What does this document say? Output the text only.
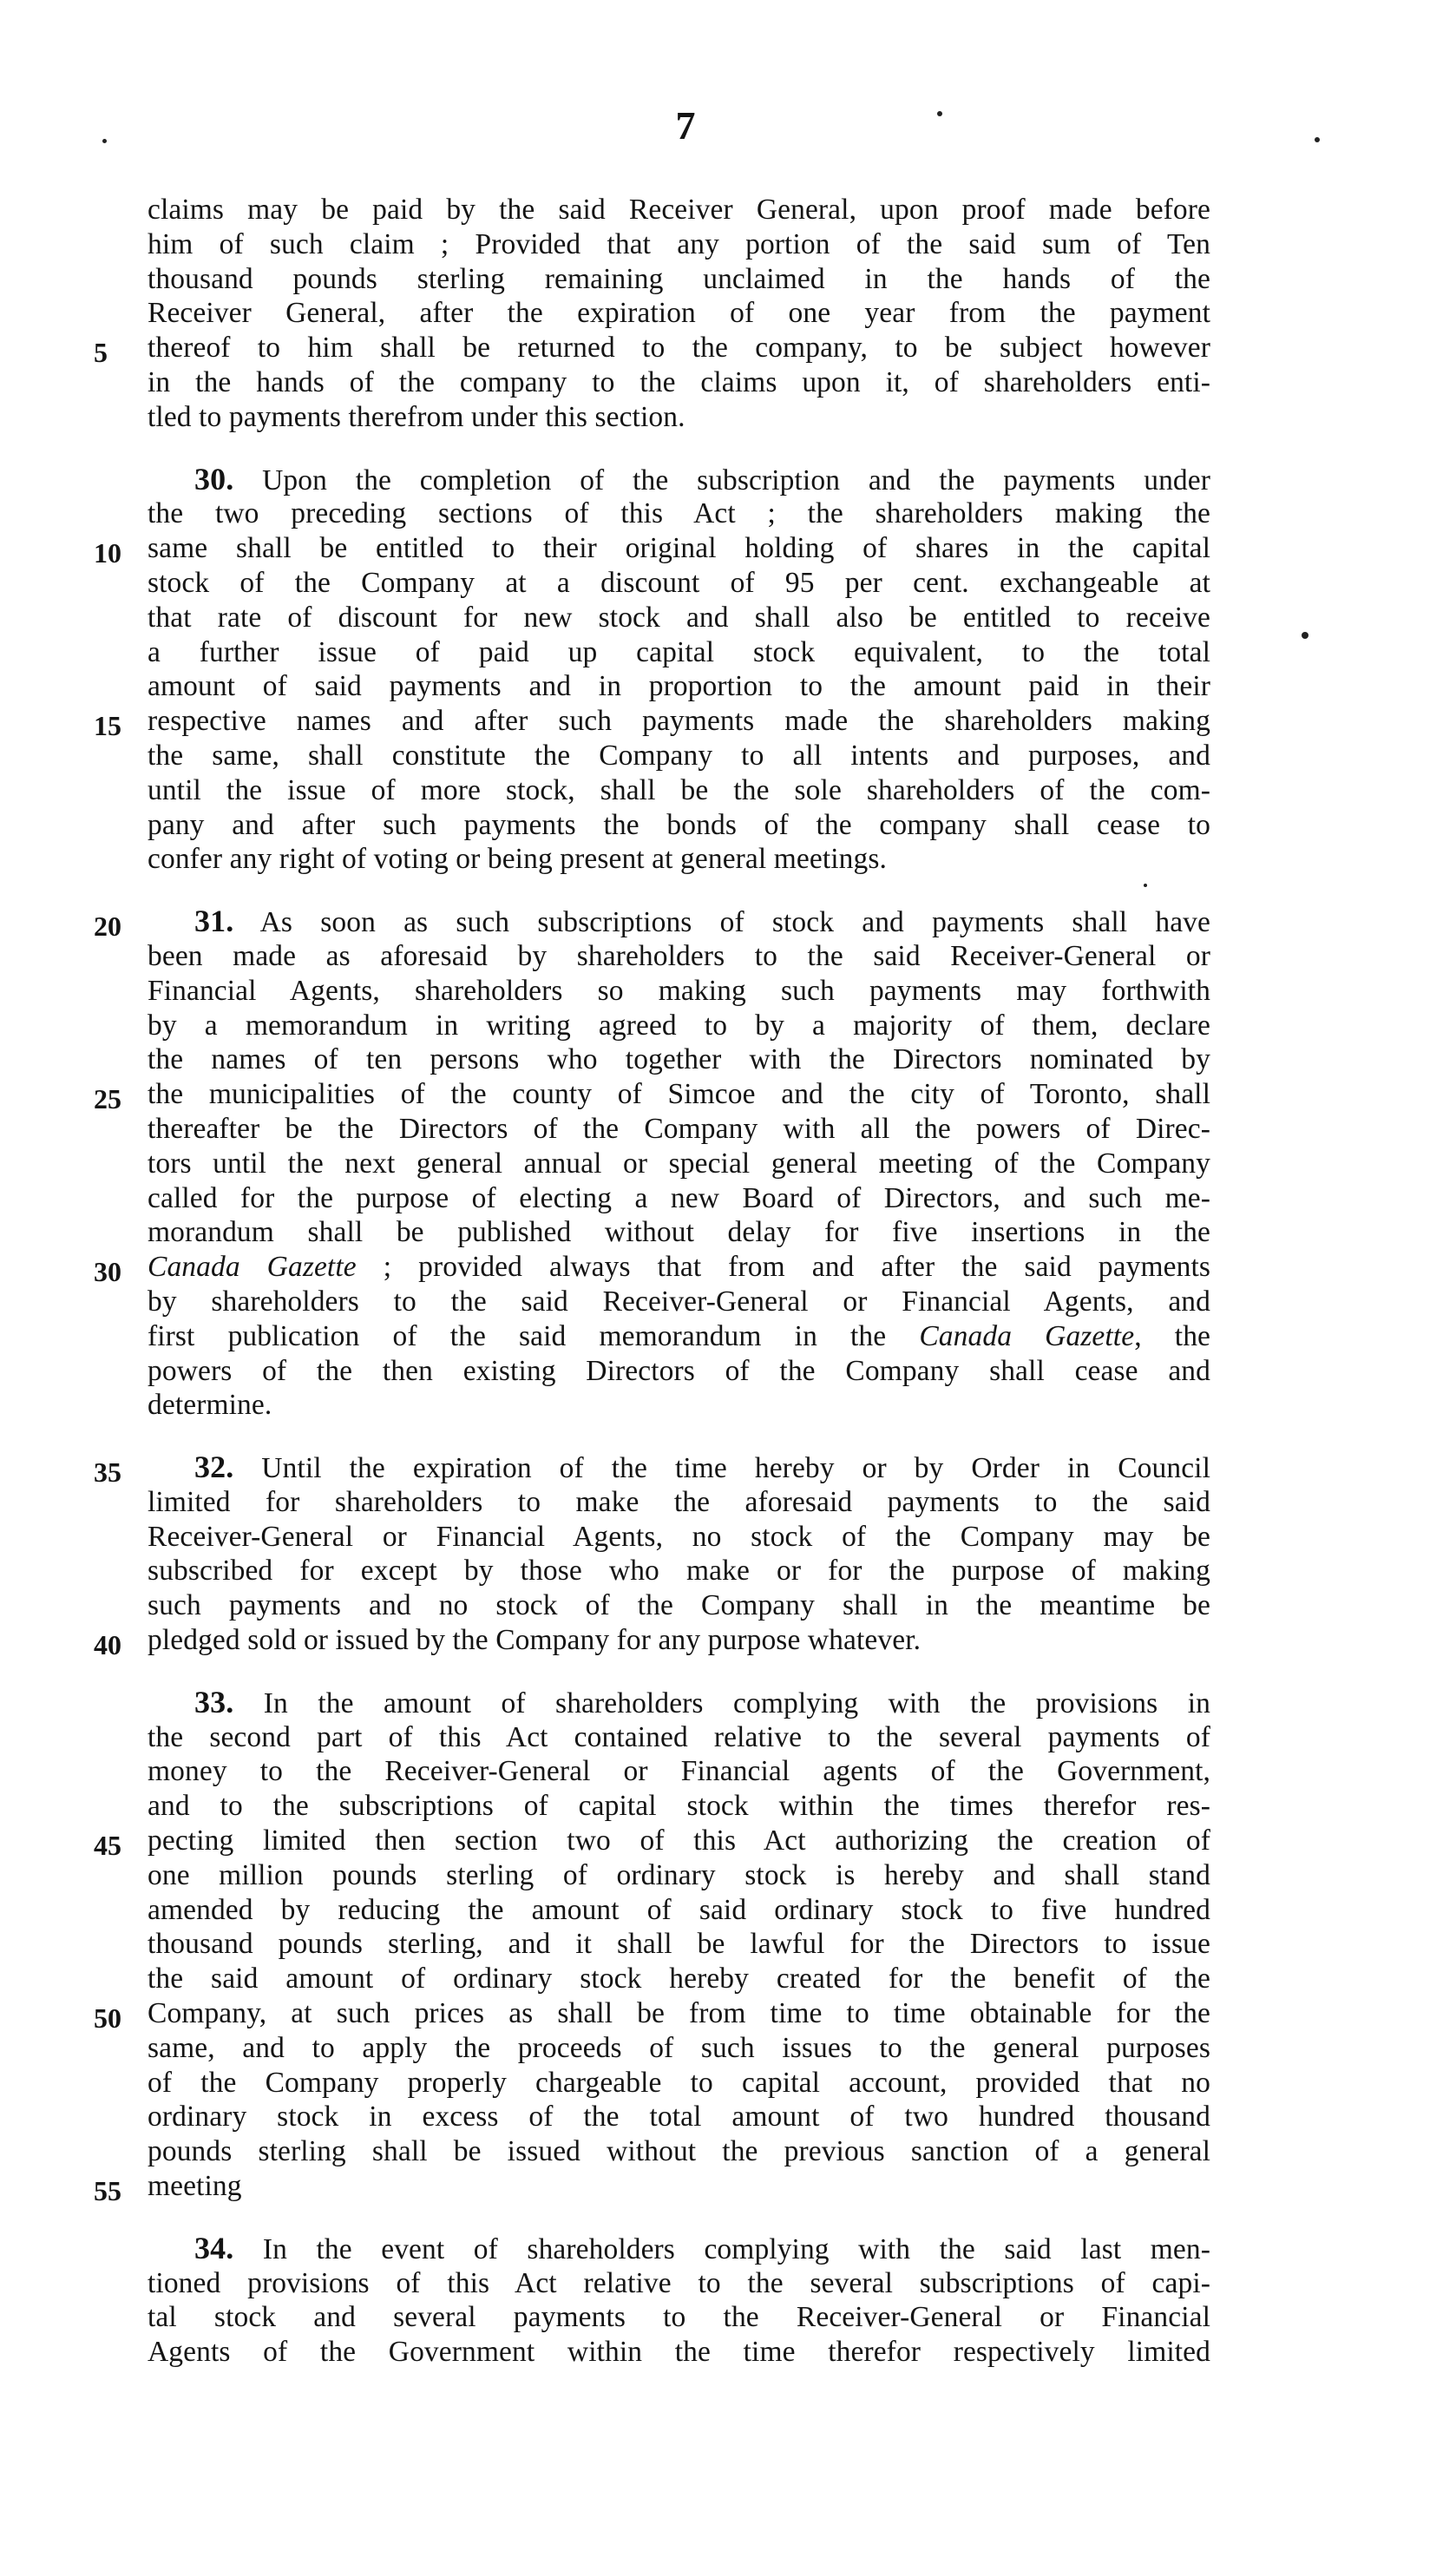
7
claims may be paid by the said Receiver General, upon proof made before
him of such claim ; Provided that any portion of the said sum of Ten
thousand pounds sterling remaining unclaimed in the hands of the
Receiver General, after the expiration of one year from the payment
thereof to him shall be returned to the company, to be subject however
in the hands of the company to the claims upon it, of shareholders enti-
tled to payments therefrom under this section.
30. Upon the completion of the subscription and the payments under
the two preceding sections of this Act ; the shareholders making the
same shall be entitled to their original holding of shares in the capital
stock of the Company at a discount of 95 per cent. exchangeable at
that rate of discount for new stock and shall also be entitled to receive
a further issue of paid up capital stock equivalent, to the total
amount of said payments and in proportion to the amount paid in their
respective names and after such payments made the shareholders making
the same, shall constitute the Company to all intents and purposes, and
until the issue of more stock, shall be the sole shareholders of the com-
pany and after such payments the bonds of the company shall cease to
confer any right of voting or being present at general meetings.
31. As soon as such subscriptions of stock and payments shall have
been made as aforesaid by shareholders to the said Receiver-General or
Financial Agents, shareholders so making such payments may forthwith
by a memorandum in writing agreed to by a majority of them, declare
the names of ten persons who together with the Directors nominated by
the municipalities of the county of Simcoe and the city of Toronto, shall
thereafter be the Directors of the Company with all the powers of Direc-
tors until the next general annual or special general meeting of the Company
called for the purpose of electing a new Board of Directors, and such me-
morandum shall be published without delay for five insertions in the
Canada Gazette ; provided always that from and after the said payments
by shareholders to the said Receiver-General or Financial Agents, and
first publication of the said memorandum in the Canada Gazette, the
powers of the then existing Directors of the Company shall cease and
determine.
32. Until the expiration of the time hereby or by Order in Council
limited for shareholders to make the aforesaid payments to the said
Receiver-General or Financial Agents, no stock of the Company may be
subscribed for except by those who make or for the purpose of making
such payments and no stock of the Company shall in the meantime be
pledged sold or issued by the Company for any purpose whatever.
33. In the amount of shareholders complying with the provisions in
the second part of this Act contained relative to the several payments of
money to the Receiver-General or Financial agents of the Government,
and to the subscriptions of capital stock within the times therefor res-
pecting limited then section two of this Act authorizing the creation of
one million pounds sterling of ordinary stock is hereby and shall stand
amended by reducing the amount of said ordinary stock to five hundred
thousand pounds sterling, and it shall be lawful for the Directors to issue
the said amount of ordinary stock hereby created for the benefit of the
Company, at such prices as shall be from time to time obtainable for the
same, and to apply the proceeds of such issues to the general purposes
of the Company properly chargeable to capital account, provided that no
ordinary stock in excess of the total amount of two hundred thousand
pounds sterling shall be issued without the previous sanction of a general
meeting
34. In the event of shareholders complying with the said last men-
tioned provisions of this Act relative to the several subscriptions of capi-
tal stock and several payments to the Receiver-General or Financial
Agents of the Government within the time therefor respectively limited
5
10
15
20
25
30
35
40
45
50
55
